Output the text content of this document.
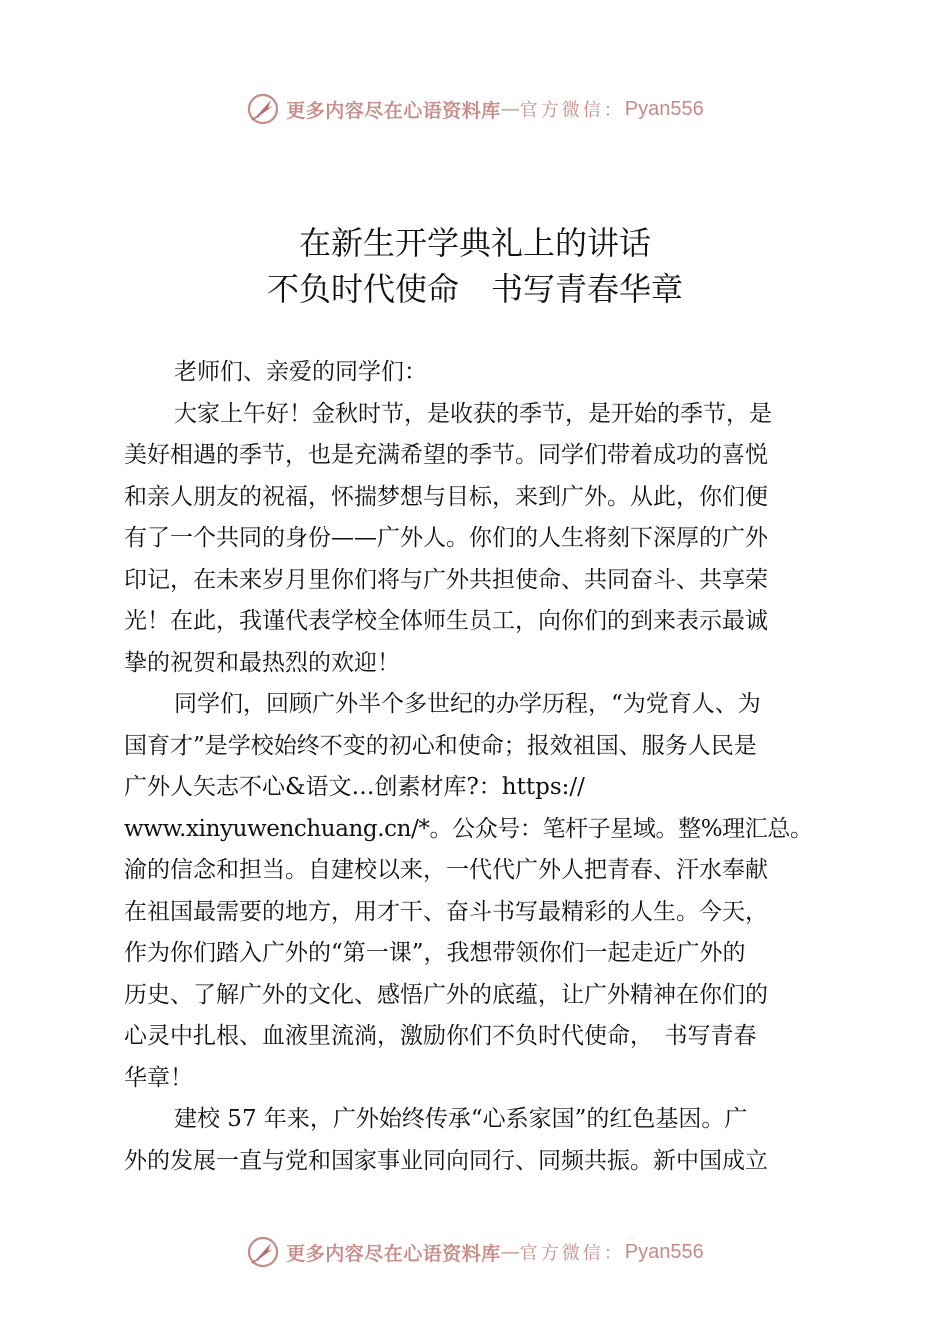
更多内容尽在心语资料库 — 官方微信： Pyan556
在新生开学典礼上的讲话
不负时代使命　书写青春华章

老师们、亲爱的同学们：

大家上午好！金秋时节，是收获的季节，是开始的季节，是

美好相遇的季节，也是充满希望的季节。同学们带着成功的喜悦

和亲人朋友的祝福，怀揣梦想与目标，来到广外。从此，你们便

有了一个共同的身份——广外人。你们的人生将刻下深厚的广外

印记，在未来岁月里你们将与广外共担使命、共同奋斗、共享荣

光！在此，我谨代表学校全体师生员工，向你们的到来表示最诚

挚的祝贺和最热烈的欢迎！

同学们，回顾广外半个多世纪的办学历程，“为党育人、为

国育才”是学校始终不变的初心和使命；报效祖国、服务人民是

广外人矢志不心&语文…创素材库?：https://

www.xinyuwenchuang.cn/*。公众号：笔杆子星域。整%理汇总。

渝的信念和担当。自建校以来，一代代广外人把青春、汗水奉献

在祖国最需要的地方，用才干、奋斗书写最精彩的人生。今天，

作为你们踏入广外的“第一课”，我想带领你们一起走近广外的

历史、了解广外的文化、感悟广外的底蕴，让广外精神在你们的

心灵中扎根、血液里流淌，激励你们不负时代使命，　书写青春

华章！

建校 57 年来，广外始终传承“心系家国”的红色基因。广

外的发展一直与党和国家事业同向同行、同频共振。新中国成立

更多内容尽在心语资料库 — 官方微信： Pyan556
